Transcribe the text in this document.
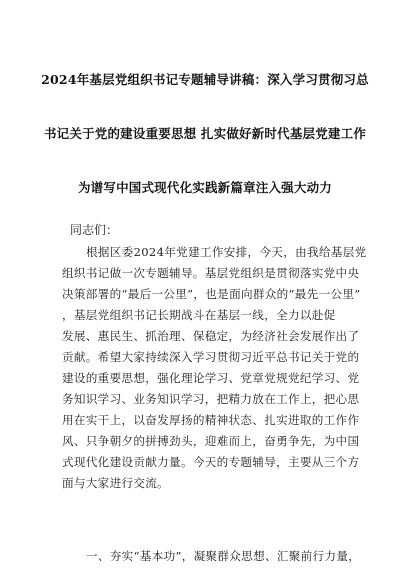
2024年基层党组织书记专题辅导讲稿：深入学习贯彻习总
书记关于党的建设重要思想 扎实做好新时代基层党建工作
为谱写中国式现代化实践新篇章注入强大动力
同志们：
根据区委2024年党建工作安排，今天，由我给基层党
组织书记做一次专题辅导。基层党组织是贯彻落实党中央
决策部署的“最后一公里”，也是面向群众的“最先一公里”
，基层党组织书记长期战斗在基层一线，全力以赴促
发展、惠民生、抓治理、保稳定，为经济社会发展作出了
贡献。希望大家持续深入学习贯彻习近平总书记关于党的
建设的重要思想，强化理论学习、党章党规党纪学习、党
务知识学习、业务知识学习，把精力放在工作上，把心思
用在实干上，以奋发厚扬的精神状态、扎实进取的工作作
风、只争朝夕的拼搏劲头，迎难而上，奋勇争先，为中国
式现代化建设贡献力量。今天的专题辅导，主要从三个方
面与大家进行交流。
一、夯实“基本功”，凝聚群众思想、汇聚前行力量，
